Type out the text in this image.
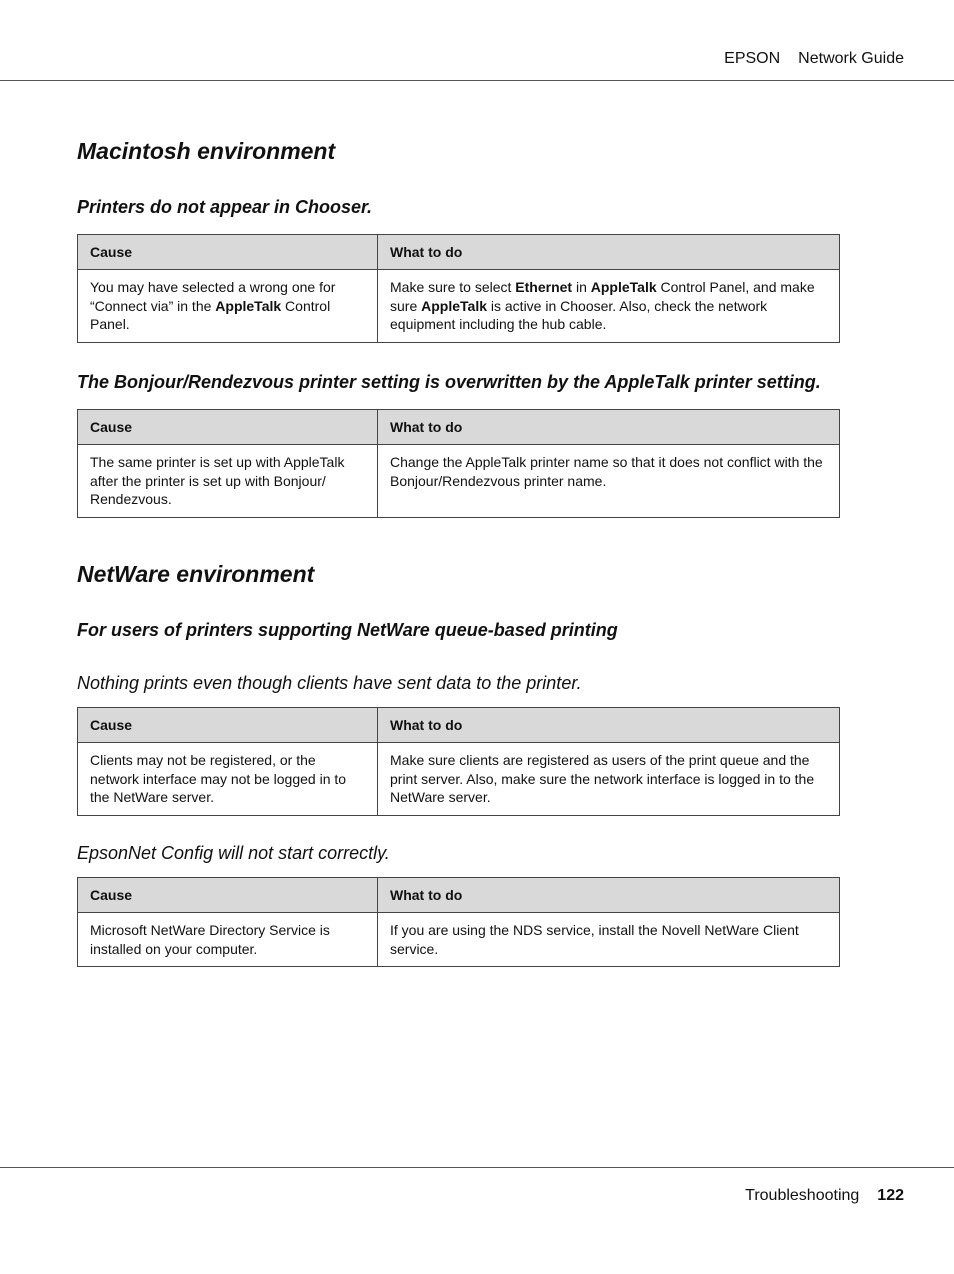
EPSON Network Guide
Macintosh environment
Printers do not appear in Chooser.
Cause	What to do
You may have selected a wrong one for “Connect via” in the AppleTalk Control Panel.	Make sure to select Ethernet in AppleTalk Control Panel, and make sure AppleTalk is active in Chooser. Also, check the network equipment including the hub cable.
The Bonjour/Rendezvous printer setting is overwritten by the AppleTalk printer setting.
Cause	What to do
The same printer is set up with AppleTalk after the printer is set up with Bonjour/ Rendezvous.	Change the AppleTalk printer name so that it does not conflict with the Bonjour/Rendezvous printer name.
NetWare environment
For users of printers supporting NetWare queue-based printing
Nothing prints even though clients have sent data to the printer.
Cause	What to do
Clients may not be registered, or the network interface may not be logged in to the NetWare server.	Make sure clients are registered as users of the print queue and the print server. Also, make sure the network interface is logged in to the NetWare server.
EpsonNet Config will not start correctly.
Cause	What to do
Microsoft NetWare Directory Service is installed on your computer.	If you are using the NDS service, install the Novell NetWare Client service.
Troubleshooting 122
